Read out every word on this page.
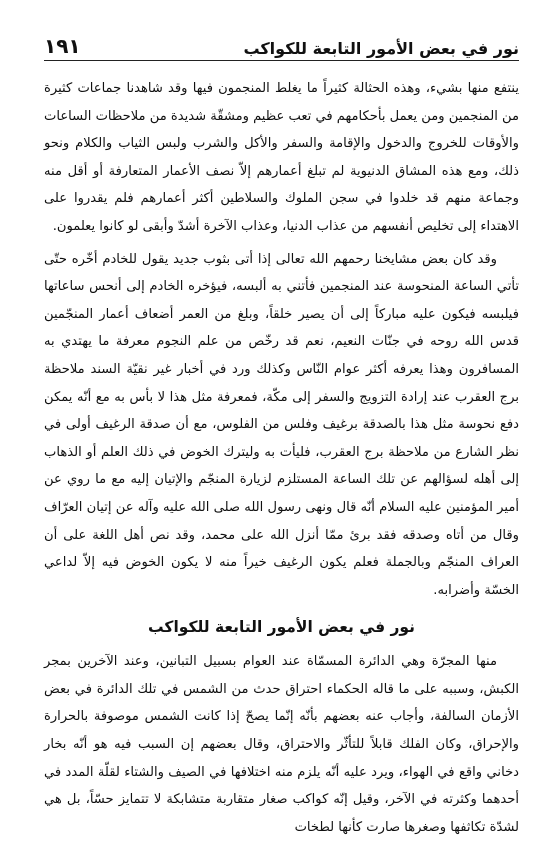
نور في بعض الأمور التابعة للكواكب
١٩١

ينتفع منها بشيء، وهذه الحثالة كثيراً ما يغلط المنجمون فيها وقد شاهدنا جماعات كثيرة من المنجمين ومن يعمل بأحكامهم في تعب عظيم ومشقّة شديدة من ملاحظات الساعات والأوقات للخروج والدخول والإقامة والسفر والأكل والشرب ولبس الثياب والكلام ونحو ذلك، ومع هذه المشاق الدنيوية لم تبلغ أعمارهم إلاّ نصف الأعمار المتعارفة أو أقل منه وجماعة منهم قد خلدوا في سجن الملوك والسلاطين أكثر أعمارهم فلم يقدروا على الاهتداء إلى تخليص أنفسهم من عذاب الدنيا، وعذاب الآخرة أشدّ وأبقى لو كانوا يعلمون.

وقد كان بعض مشايخنا رحمهم الله تعالى إذا أتى بثوب جديد يقول للخادم أخّره حتّى تأتي الساعة المنحوسة عند المنجمين فأتني به ألبسه، فيؤخره الخادم إلى أنحس ساعاتها فيلبسه فيكون عليه مباركاً إلى أن يصير خلقاً، وبلغ من العمر أضعاف أعمار المنجّمين قدس الله روحه في جنّات النعيم، نعم قد رخّص من علم النجوم معرفة ما يهتدي به المسافرون وهذا يعرفه أكثر عوام النّاس وكذلك ورد في أخبار غير نقيّة السند ملاحظة برج العقرب عند إرادة التزويج والسفر إلى مكّة، فمعرفة مثل هذا لا بأس به مع أنّه يمكن دفع نحوسة مثل هذا بالصدقة برغيف وفلس من الفلوس، مع أن صدقة الرغيف أولى في نظر الشارع من ملاحظة برج العقرب، فليأت به وليترك الخوض في ذلك العلم أو الذهاب إلى أهله لسؤالهم عن تلك الساعة المستلزم لزيارة المنجّم والإتيان إليه مع ما روي عن أمير المؤمنين عليه السلام أنّه قال ونهى رسول الله صلى الله عليه وآله عن إتيان العرّاف وقال من أتاه وصدقه فقد برئ ممّا أنزل الله على محمد، وقد نص أهل اللغة على أن العراف المنجّم وبالجملة فعلم يكون الرغيف خيراً منه لا يكون الخوض فيه إلاّ لداعي الخسّة وأضرابه.

نور في بعض الأمور التابعة للكواكب

منها المجرّة وهي الدائرة المسمّاة عند العوام بسبيل التبانين، وعند الآخرين بمجر الكبش، وسببه على ما قاله الحكماء احتراق حدث من الشمس في تلك الدائرة في بعض الأزمان السالفة، وأجاب عنه بعضهم بأنّه إنّما يصحّ إذا كانت الشمس موصوفة بالحرارة والإحراق، وكان الفلك قابلاً للتأثّر والاحتراق، وقال بعضهم إن السبب فيه هو أنّه بخار دخاني واقع في الهواء، ويرد عليه أنّه يلزم منه اختلافها في الصيف والشتاء لقلّة المدد في أحدهما وكثرته في الآخر، وقيل إنّه كواكب صغار متقاربة متشابكة لا تتمايز حسّاً، بل هي لشدّة تكاثفها وصغرها صارت كأنها لطخات
